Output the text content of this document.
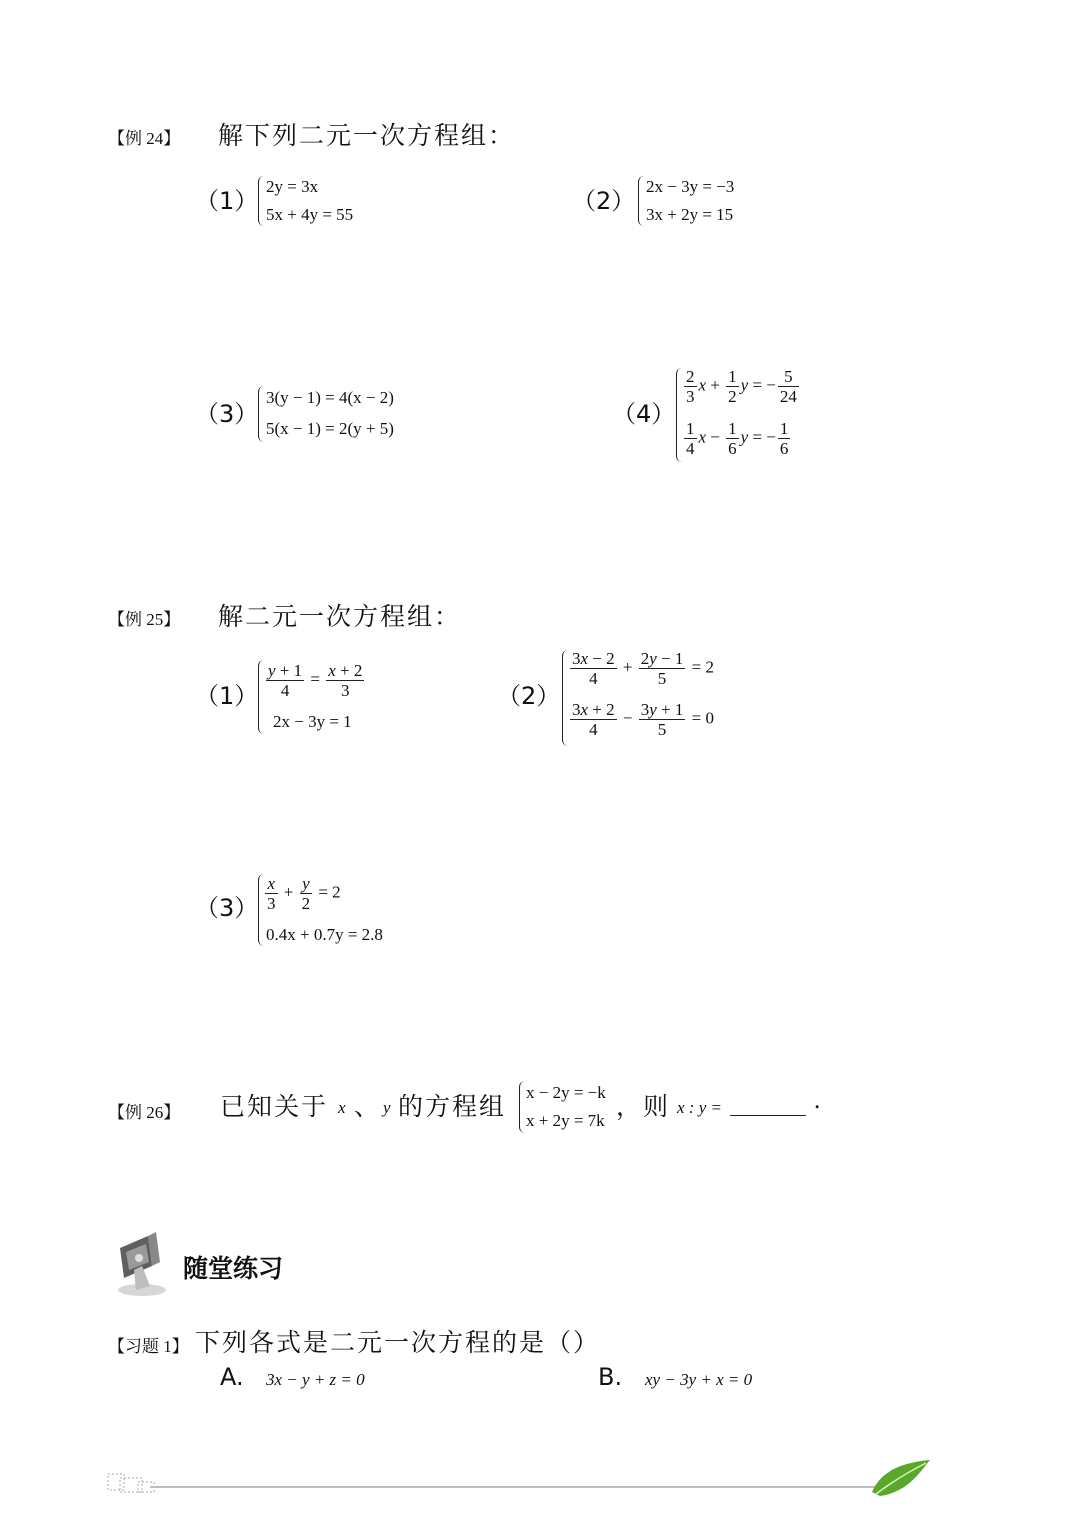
【例 24】 解下列二元一次方程组：
（1）
2y = 3x
5x + 4y = 55	（2）
2x − 3y = −3
3x + 2y = 15
（3）
3(y − 1) = 4(x − 2)
5(x − 1) = 2(y + 5)
（4）
$\frac{2}{3}$ $x + \frac{1}{2}$ y = − $\frac{5}{24}$
$\frac{1}{4}$ $x - \frac{1}{6}$ y = − $\frac{1}{6}$
【例 25】 解二元一次方程组：
$(1) \frac{y + 1}{4} = \frac{x + 2}{3}$
2x − 3y = 1
（2）
$\frac{3x - 2}{4} + \frac{2y - 1}{5} = 2$
$\frac{3x + 2}{4} - \frac{3y + 1}{5} = 0$
$(3) \frac{x}{3} + \frac{y}{2} = 2$
0.4x + 0.7y = 2.8
【例 26】 已知关于 x 、 y 的方程组
x − 2y = −k
x + 2y = 7k ，则 x : y =	.
随堂练习
【习题 1】 下列各式是二元一次方程的是（）
A. 3x − y + z = 0	B. xy − 3y + x = 0
